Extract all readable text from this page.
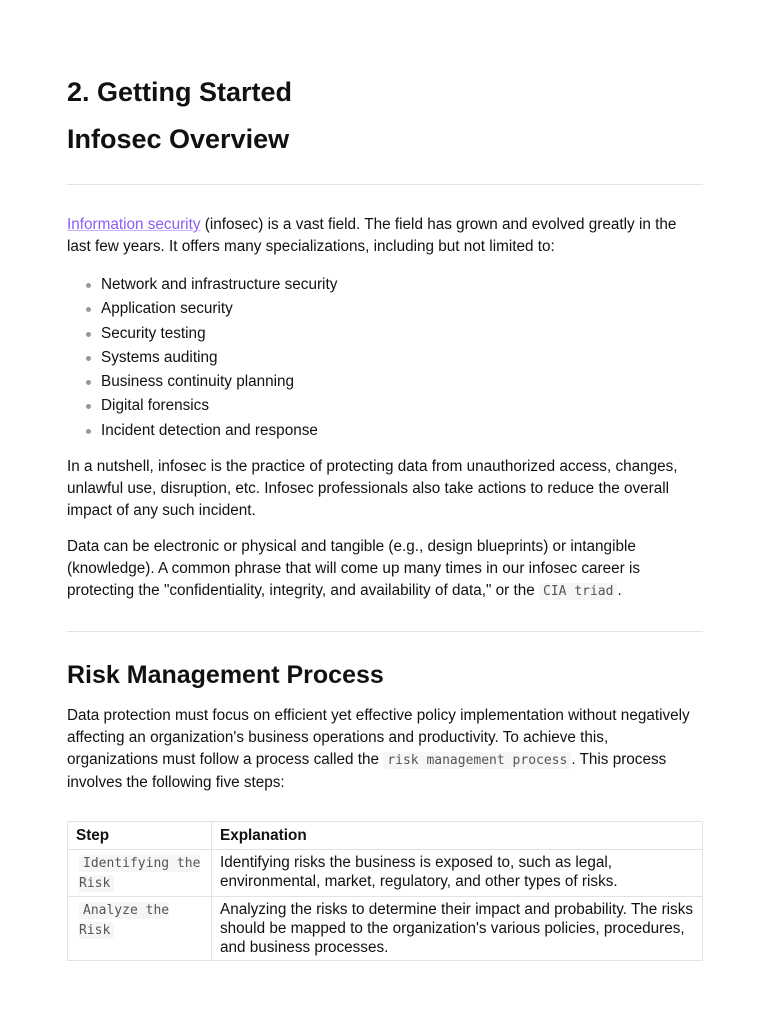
2. Getting Started
Infosec Overview

Information security (infosec) is a vast field. The field has grown and evolved greatly in the last few years. It offers many specializations, including but not limited to:

Network and infrastructure security
Application security
Security testing
Systems auditing
Business continuity planning
Digital forensics
Incident detection and response

In a nutshell, infosec is the practice of protecting data from unauthorized access, changes, unlawful use, disruption, etc. Infosec professionals also take actions to reduce the overall impact of any such incident.

Data can be electronic or physical and tangible (e.g., design blueprints) or intangible (knowledge). A common phrase that will come up many times in our infosec career is protecting the "confidentiality, integrity, and availability of data," or the CIA triad .

Risk Management Process

Data protection must focus on efficient yet effective policy implementation without negatively affecting an organization's business operations and productivity. To achieve this, organizations must follow a process called the risk management process . This process involves the following five steps:

Step	Explanation
Identifying the Risk	Identifying risks the business is exposed to, such as legal, environmental, market, regulatory, and other types of risks.
Analyze the Risk	Analyzing the risks to determine their impact and probability. The risks should be mapped to the organization's various policies, procedures, and business processes.
